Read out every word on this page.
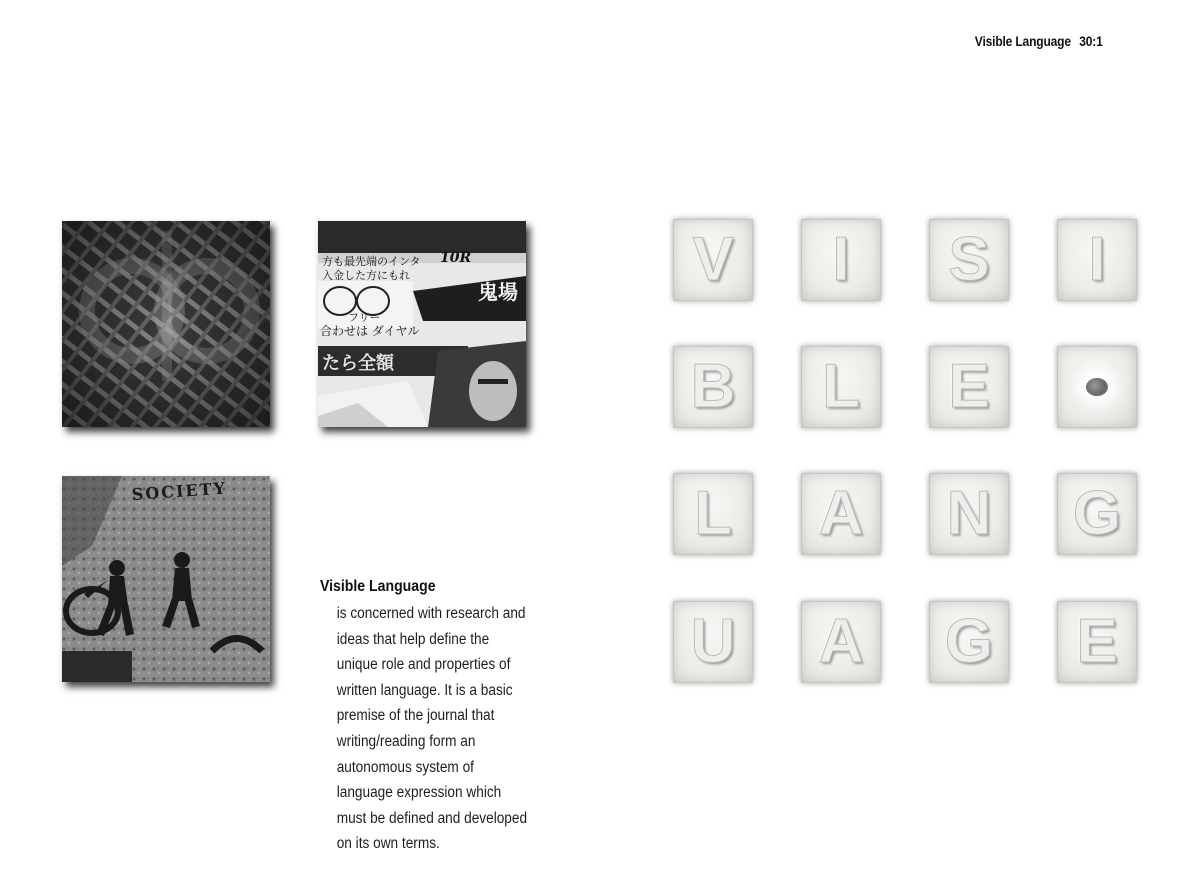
Visible Language 30:1
方も最先端のインタ
入金した方にもれ
10R
フリー
合わせは ダイヤル
たら全額
鬼場
SOCIETY
Visible Language
is concerned with research and ideas that help define the unique role and properties of written language. It is a basic premise of the journal that writing/reading form an autonomous system of language expression which must be defined and developed on its own terms.
V I S I
B L E
L A N G
U A G E
